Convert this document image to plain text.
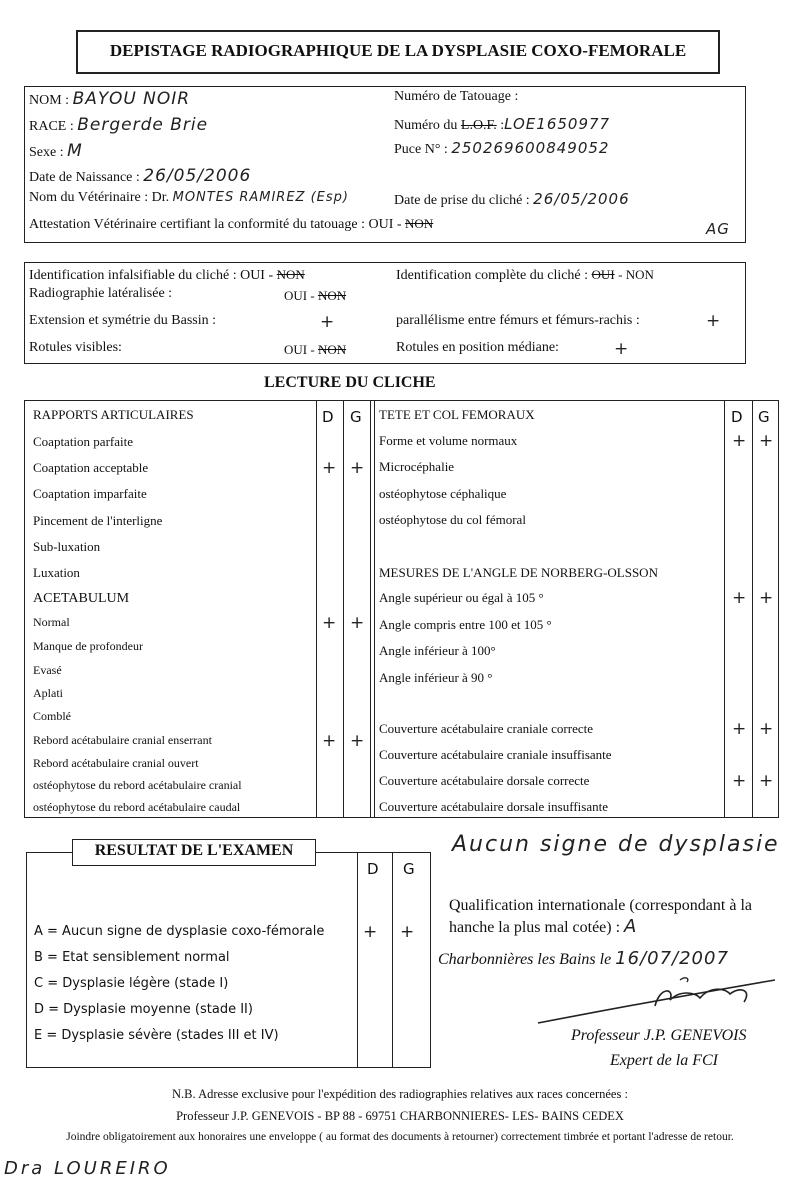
DEPISTAGE RADIOGRAPHIQUE DE LA DYSPLASIE COXO-FEMORALE
NOM : BAYOU NOIR
RACE : Bergerde Brie
Sexe : M
Date de Naissance : 26/05/2006
Nom du Vétérinaire : Dr. MONTES RAMIREZ (Esp)
Attestation Vétérinaire certifiant la conformité du tatouage : OUI - NON
Numéro de Tatouage :
Numéro du L.O.F. :LOE1650977
Puce N° : 250269600849052
Date de prise du cliché : 26/05/2006
AG
Identification infalsifiable du cliché : OUI - NON	Identification complète du cliché : OUI - NON
Radiographie latéralisée :	OUI - NON
Extension et symétrie du Bassin :	+	parallélisme entre fémurs et fémurs-rachis :	+
Rotules visibles:	OUI - NON	Rotules en position médiane:	+
LECTURE DU CLICHE
RAPPORTS ARTICULAIRES	D G TETE ET COL FEMORAUX	D G
Coaptation parfaite
Coaptation acceptable	+ +
Coaptation imparfaite
Pincement de l'interligne
Sub-luxation
Luxation
ACETABULUM
Normal	+ +
Manque de profondeur
Evasé
Aplati
Comblé
Rebord acétabulaire cranial enserrant	+ +
Rebord acétabulaire cranial ouvert
ostéophytose du rebord acétabulaire cranial
ostéophytose du rebord acétabulaire caudal
Forme et volume normaux	+ +
Microcéphalie
ostéophytose céphalique
ostéophytose du col fémoral
MESURES DE L'ANGLE DE NORBERG-OLSSON
Angle supérieur ou égal à 105 °	+ +
Angle compris entre 100 et 105 °
Angle inférieur à 100°
Angle inférieur à 90 °
Couverture acétabulaire craniale correcte	+ +
Couverture acétabulaire craniale insuffisante
Couverture acétabulaire dorsale correcte	+ +
Couverture acétabulaire dorsale insuffisante
Aucun signe de dysplasie
RESULTAT DE L'EXAMEN
D G
A = Aucun signe de dysplasie coxo-fémorale + +
B = Etat sensiblement normal
C = Dysplasie légère (stade I)
D = Dysplasie moyenne (stade II)
E = Dysplasie sévère (stades III et IV)
Qualification internationale (correspondant à la
hanche la plus mal cotée) : A
Charbonnières les Bains le 16/07/2007
Professeur J.P. GENEVOIS
Expert de la FCI
N.B. Adresse exclusive pour l'expédition des radiographies relatives aux races concernées :
Professeur J.P. GENEVOIS - BP 88 - 69751 CHARBONNIERES- LES- BAINS CEDEX
Joindre obligatoirement aux honoraires une enveloppe ( au format des documents à retourner) correctement timbrée et portant l'adresse de retour.
Dra LOUREIRO
